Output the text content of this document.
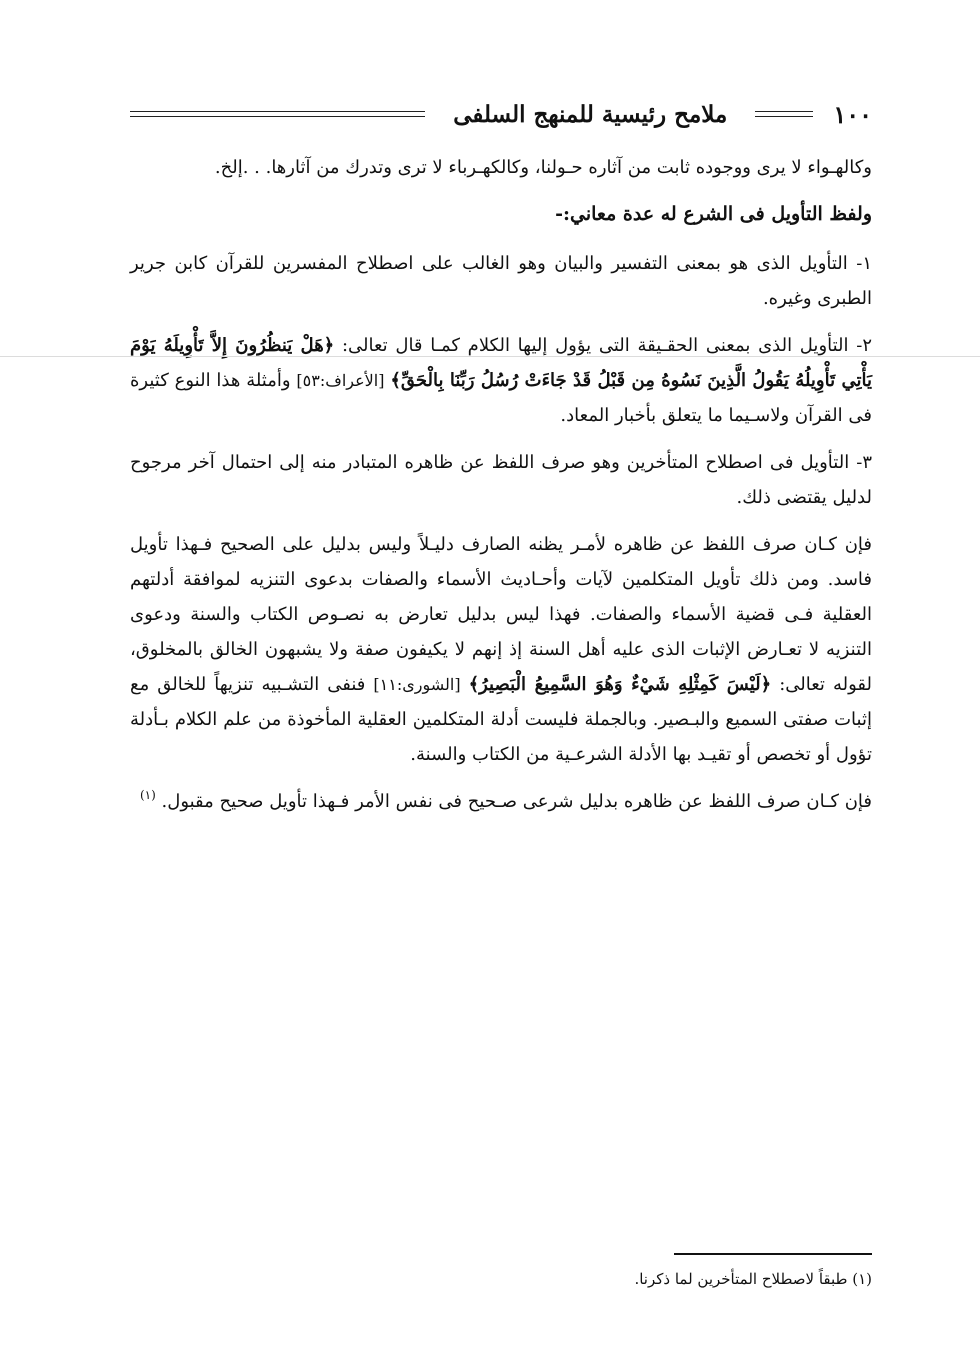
١٠٠
ملامح رئيسية للمنهج السلفى

وكالهـواء لا يرى ووجوده ثابت من آثاره حـولنا، وكالكهـرباء لا ترى وتدرك من آثارها. . .إلخ.

ولفظ التأويل فى الشرع له عدة معاني:-

١- التأويل الذى هو بمعنى التفسير والبيان وهو الغالب على اصطلاح المفسرين للقرآن كابن جرير الطبرى وغيره.

٢- التأويل الذى بمعنى الحقـيقة التى يؤول إليها الكلام كمـا قال تعالى: ﴿هَلْ يَنظُرُونَ إِلاَّ تَأْوِيلَهُ يَوْمَ يَأْتِي تَأْوِيلُهُ يَقُولُ الَّذِينَ نَسُوهُ مِن قَبْلُ قَدْ جَاءَتْ رُسُلُ رَبِّنَا بِالْحَقِّ﴾ [الأعراف:٥٣] وأمثلة هذا النوع كثيرة فى القرآن ولاسـيما ما يتعلق بأخبار المعاد.

٣- التأويل فى اصطلاح المتأخرين وهو صرف اللفظ عن ظاهره المتبادر منه إلى احتمال آخر مرجوح لدليل يقتضى ذلك.

فإن كـان صرف اللفظ عن ظاهره لأمـر يظنه الصارف دليـلاً وليس بدليل على الصحيح فـهذا تأويل فاسد. ومن ذلك تأويل المتكلمين لآيات وأحـاديث الأسماء والصفات بدعوى التنزيه لموافقة أدلتهم العقلية فـى قضية الأسماء والصفات. فهذا ليس بدليل تعارض به نصـوص الكتاب والسنة ودعوى التنزيه لا تعـارض الإثبات الذى عليه أهل السنة إذ إنهم لا يكيفون صفة ولا يشبهون الخالق بالمخلوق، لقوله تعالى: ﴿لَيْسَ كَمِثْلِهِ شَيْءٌ وَهُوَ السَّمِيعُ الْبَصِيرُ﴾ [الشورى:١١] فنفى التشـبيه تنزيهاً للخالق مع إثبات صفتى السميع والبـصير. وبالجملة فليست أدلة المتكلمين العقلية المأخوذة من علم الكلام بـأدلة تؤول أو تخصص أو تقيـد بها الأدلة الشرعـية من الكتاب والسنة.

فإن كـان صرف اللفظ عن ظاهره بدليل شرعى صـحيح فى نفس الأمر فـهذا تأويل صحيح مقبول. $^{(١)}$

(١) طبقاً لاصطلاح المتأخرين لما ذكرنا.
